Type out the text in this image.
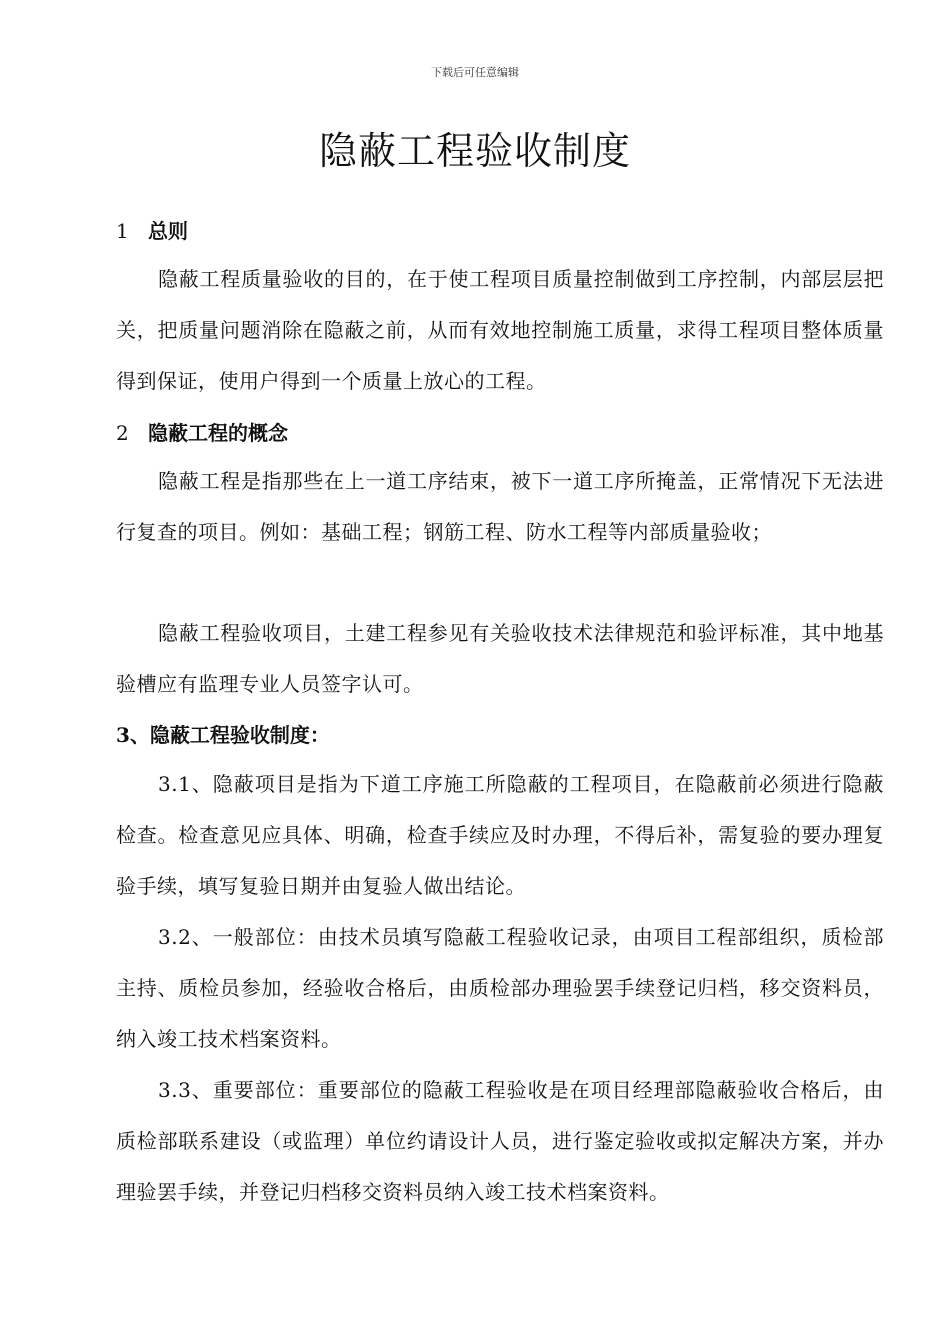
下载后可任意编辑
隐蔽工程验收制度
1 总则

隐蔽工程质量验收的目的，在于使工程项目质量控制做到工序控制，内部层层把关，把质量问题消除在隐蔽之前，从而有效地控制施工质量，求得工程项目整体质量得到保证，使用户得到一个质量上放心的工程。

2 隐蔽工程的概念

隐蔽工程是指那些在上一道工序结束，被下一道工序所掩盖，正常情况下无法进行复查的项目。例如：基础工程；钢筋工程、防水工程等内部质量验收；

隐蔽工程验收项目，土建工程参见有关验收技术法律规范和验评标准，其中地基验槽应有监理专业人员签字认可。

3、隐蔽工程验收制度：

3.1、隐蔽项目是指为下道工序施工所隐蔽的工程项目，在隐蔽前必须进行隐蔽检查。检查意见应具体、明确，检查手续应及时办理，不得后补，需复验的要办理复验手续，填写复验日期并由复验人做出结论。

3.2、一般部位：由技术员填写隐蔽工程验收记录，由项目工程部组织，质检部主持、质检员参加，经验收合格后，由质检部办理验罢手续登记归档，移交资料员，纳入竣工技术档案资料。

3.3、重要部位：重要部位的隐蔽工程验收是在项目经理部隐蔽验收合格后，由质检部联系建设（或监理）单位约请设计人员，进行鉴定验收或拟定解决方案，并办理验罢手续，并登记归档移交资料员纳入竣工技术档案资料。
